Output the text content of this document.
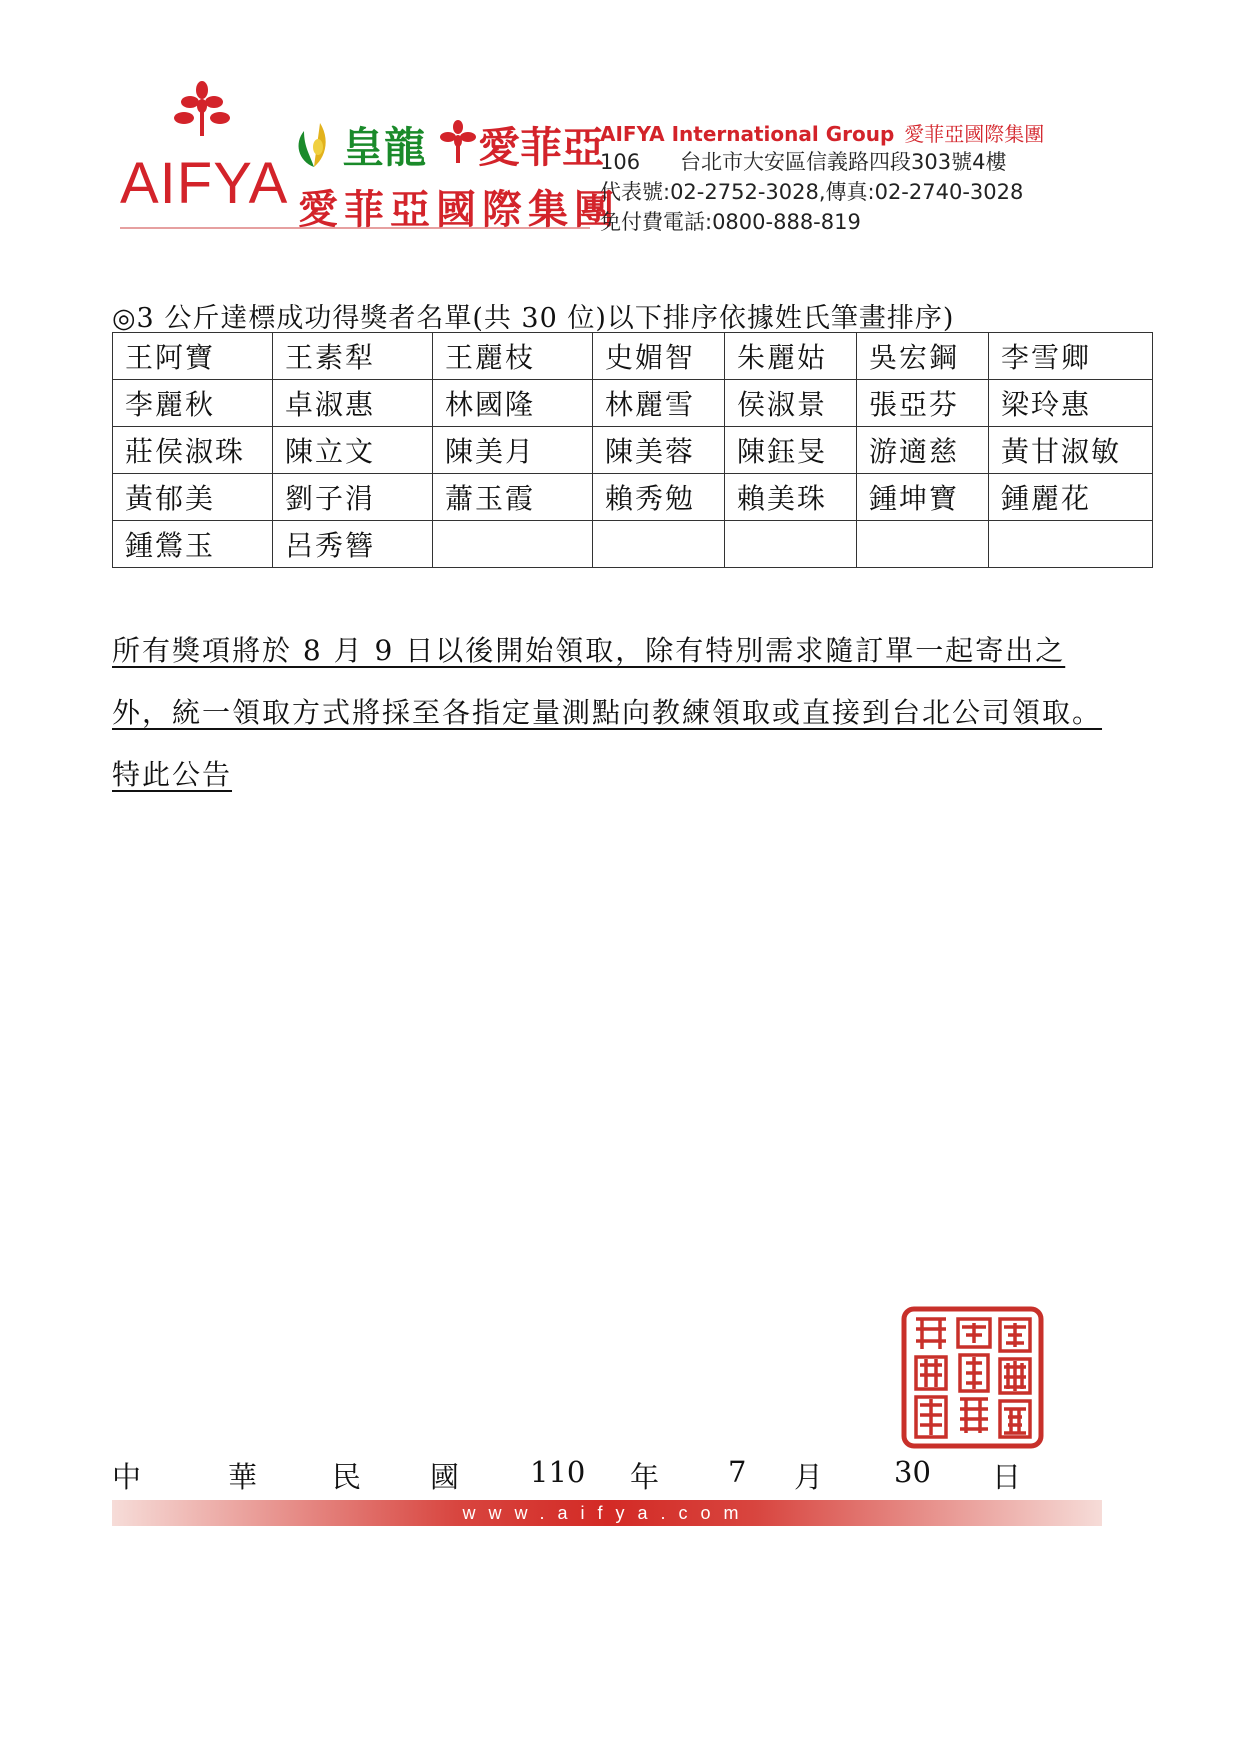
AIFYA
皇龍 愛菲亞
愛菲亞國際集團
AIFYA International Group 愛菲亞國際集團
106 台北市大安區信義路四段303號4樓
代表號:02-2752-3028,傳真:02-2740-3028
免付費電話:0800-888-819
◎3 公斤達標成功得獎者名單(共 30 位)以下排序依據姓氏筆畫排序)
王阿寶	王素犁	王麗枝	史媚智	朱麗姑	吳宏鋼	李雪卿
李麗秋	卓淑惠	林國隆	林麗雪	侯淑景	張亞芬	梁玲惠
莊侯淑珠	陳立文	陳美月	陳美蓉	陳鈺旻	游適慈	黃甘淑敏
黃郁美	劉子涓	蕭玉霞	賴秀勉	賴美珠	鍾坤寶	鍾麗花
鍾鶯玉	呂秀簪					
所有獎項將於 8 月 9 日以後開始領取，除有特別需求隨訂單一起寄出之外，統一領取方式將採至各指定量測點向教練領取或直接到台北公司領取。特此公告
中	華	民 國 110 年 7 月 30 日
www.aifya.com
